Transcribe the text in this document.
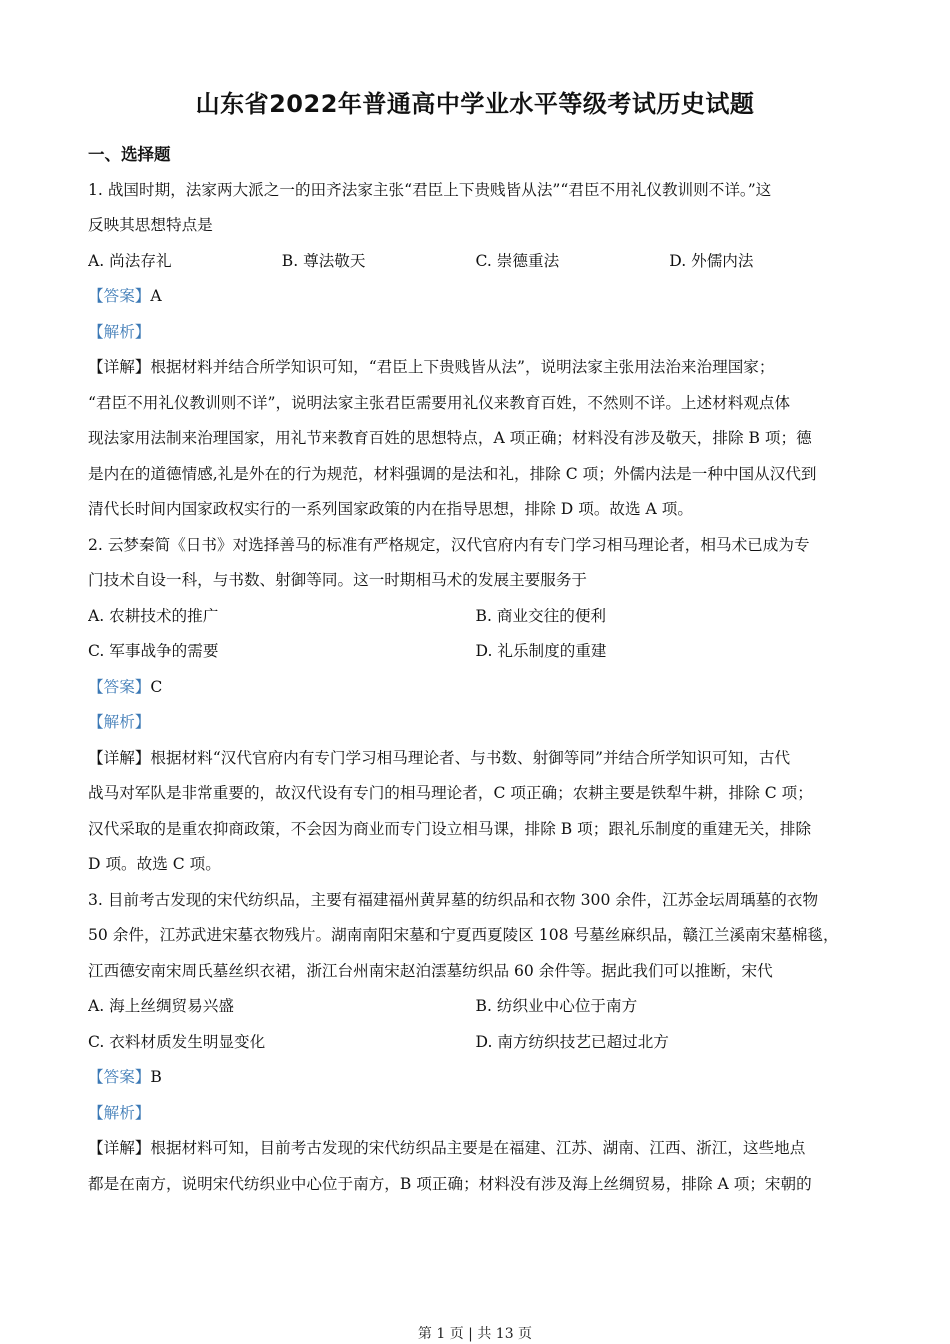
山东省2022年普通高中学业水平等级考试历史试题
一、选择题
1. 战国时期，法家两大派之一的田齐法家主张“君臣上下贵贱皆从法”“君臣不用礼仪教训则不详。”这
反映其思想特点是
A. 尚法存礼	B. 尊法敬天	C. 崇德重法	D. 外儒内法
【答案】A
【解析】
【详解】根据材料并结合所学知识可知，“君臣上下贵贱皆从法”，说明法家主张用法治来治理国家；
“君臣不用礼仪教训则不详”，说明法家主张君臣需要用礼仪来教育百姓，不然则不详。上述材料观点体
现法家用法制来治理国家，用礼节来教育百姓的思想特点，A 项正确；材料没有涉及敬天，排除 B 项；德
是内在的道德情感,礼是外在的行为规范，材料强调的是法和礼，排除 C 项；外儒内法是一种中国从汉代到
清代长时间内国家政权实行的一系列国家政策的内在指导思想，排除 D 项。故选 A 项。
2. 云梦秦简《日书》对选择善马的标准有严格规定，汉代官府内有专门学习相马理论者，相马术已成为专
门技术自设一科，与书数、射御等同。这一时期相马术的发展主要服务于
A. 农耕技术的推广	B. 商业交往的便利
C. 军事战争的需要	D. 礼乐制度的重建
【答案】C
【解析】
【详解】根据材料“汉代官府内有专门学习相马理论者、与书数、射御等同”并结合所学知识可知，古代
战马对军队是非常重要的，故汉代设有专门的相马理论者，C 项正确；农耕主要是铁犁牛耕，排除 C 项；
汉代采取的是重农抑商政策，不会因为商业而专门设立相马课，排除 B 项；跟礼乐制度的重建无关，排除
D 项。故选 C 项。
3. 目前考古发现的宋代纺织品，主要有福建福州黄昇墓的纺织品和衣物 300 余件，江苏金坛周瑀墓的衣物
50 余件，江苏武进宋墓衣物残片。湖南南阳宋墓和宁夏西夏陵区 108 号墓丝麻织品，赣江兰溪南宋墓棉毯，
江西德安南宋周氏墓丝织衣裙，浙江台州南宋赵泊澐墓纺织品 60 余件等。据此我们可以推断，宋代
A. 海上丝绸贸易兴盛	B. 纺织业中心位于南方
C. 衣料材质发生明显变化	D. 南方纺织技艺已超过北方
【答案】B
【解析】
【详解】根据材料可知，目前考古发现的宋代纺织品主要是在福建、江苏、湖南、江西、浙江，这些地点
都是在南方，说明宋代纺织业中心位于南方，B 项正确；材料没有涉及海上丝绸贸易，排除 A 项；宋朝的
第 1 页 | 共 13 页
